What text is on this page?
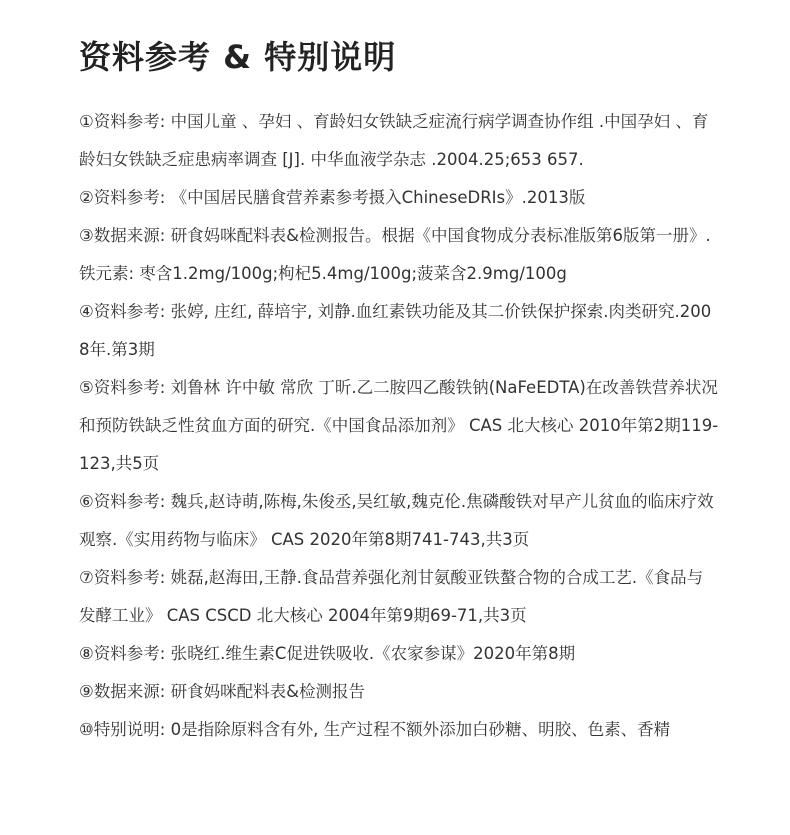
资料参考 & 特别说明
①资料参考: 中国儿童 、孕妇 、育龄妇女铁缺乏症流行病学调查协作组 .中国孕妇 、育龄妇女铁缺乏症患病率调查 [J]. 中华血液学杂志 .2004.25;653 657.
②资料参考: 《中国居民膳食营养素参考摄入ChineseDRIs》.2013版
③数据来源: 研食妈咪配料表&检测报告。根据《中国食物成分表标准版第6版第一册》.铁元素: 枣含1.2mg/100g;枸杞5.4mg/100g;菠菜含2.9mg/100g
④资料参考: 张婷, 庄红, 薛培宇, 刘静.血红素铁功能及其二价铁保护探索.肉类研究.2008年.第3期
⑤资料参考: 刘鲁林 许中敏 常欣 丁昕.乙二胺四乙酸铁钠(NaFeEDTA)在改善铁营养状况和预防铁缺乏性贫血方面的研究.《中国食品添加剂》 CAS 北大核心 2010年第2期119-123,共5页
⑥资料参考: 魏兵,赵诗萌,陈梅,朱俊丞,吴红敏,魏克伦.焦磷酸铁对早产儿贫血的临床疗效观察.《实用药物与临床》 CAS 2020年第8期741-743,共3页
⑦资料参考: 姚磊,赵海田,王静.食品营养强化剂甘氨酸亚铁螯合物的合成工艺.《食品与发酵工业》 CAS CSCD 北大核心 2004年第9期69-71,共3页
⑧资料参考: 张晓红.维生素C促进铁吸收.《农家参谋》2020年第8期
⑨数据来源: 研食妈咪配料表&检测报告
⑩特别说明: 0是指除原料含有外, 生产过程不额外添加白砂糖、明胶、色素、香精
